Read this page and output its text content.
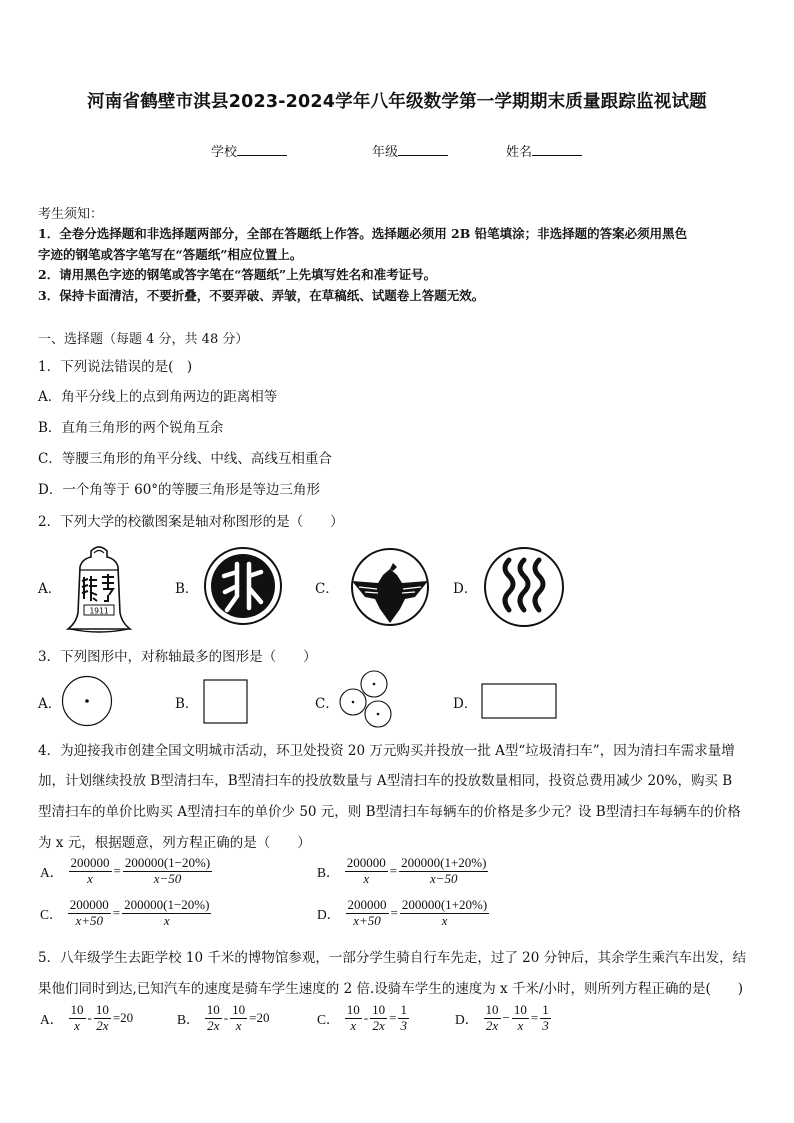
河南省鹤壁市淇县2023-2024学年八年级数学第一学期期末质量跟踪监视试题
学校	年级	姓名
考生须知：
1．全卷分选择题和非选择题两部分，全部在答题纸上作答。选择题必须用 2B 铅笔填涂；非选择题的答案必须用黑色
字迹的钢笔或答字笔写在“答题纸”相应位置上。
2．请用黑色字迹的钢笔或答字笔在“答题纸”上先填写姓名和准考证号。
3．保持卡面清洁，不要折叠，不要弄破、弄皱，在草稿纸、试题卷上答题无效。
一、选择题（每题 4 分，共 48 分）
1．下列说法错误的是(　)
A．角平分线上的点到角两边的距离相等
B．直角三角形的两个锐角互余
C．等腰三角形的角平分线、中线、高线互相重合
D．一个角等于 60°的等腰三角形是等边三角形
2．下列大学的校徽图案是轴对称图形的是（　　）
A．	B．	C．	D．
1911
3．下列图形中，对称轴最多的图形是（　　）
A．	B．	C．	D．
4．为迎接我市创建全国文明城市活动，环卫处投资 20 万元购买并投放一批 A型“垃圾清扫车”，因为清扫车需求量增
加，计划继续投放 B型清扫车，B型清扫车的投放数量与 A型清扫车的投放数量相同，投资总费用减少 20%，购买 B
型清扫车的单价比购买 A型清扫车的单价少 50 元，则 B型清扫车每辆车的价格是多少元？设 B型清扫车每辆车的价格
为 x 元，根据题意，列方程正确的是（　　）
A． $\frac{200000}{x} = \frac{200000(1-20\%)}{x-50}$	B． $\frac{200000}{x} = \frac{200000(1+20\%)}{x-50}$
C． $\frac{200000}{x+50} = \frac{200000(1-20\%)}{x}$	D． $\frac{200000}{x+50} = \frac{200000(1+20\%)}{x}$
5．八年级学生去距学校 10 千米的博物馆参观，一部分学生骑自行车先走，过了 20 分钟后，其余学生乘汽车出发，结
果他们同时到达,已知汽车的速度是骑车学生速度的 2 倍.设骑车学生的速度为 x 千米/小时，则所列方程正确的是(　　)
A． $\frac{10}{x} - \frac{10}{2x} =20$	B． $\frac{10}{2x} - \frac{10}{x} =20$	C． $\frac{10}{x} - \frac{10}{2x} = \frac{1}{3}$	D． $\frac{10}{2x} - \frac{10}{x} = \frac{1}{3}$
